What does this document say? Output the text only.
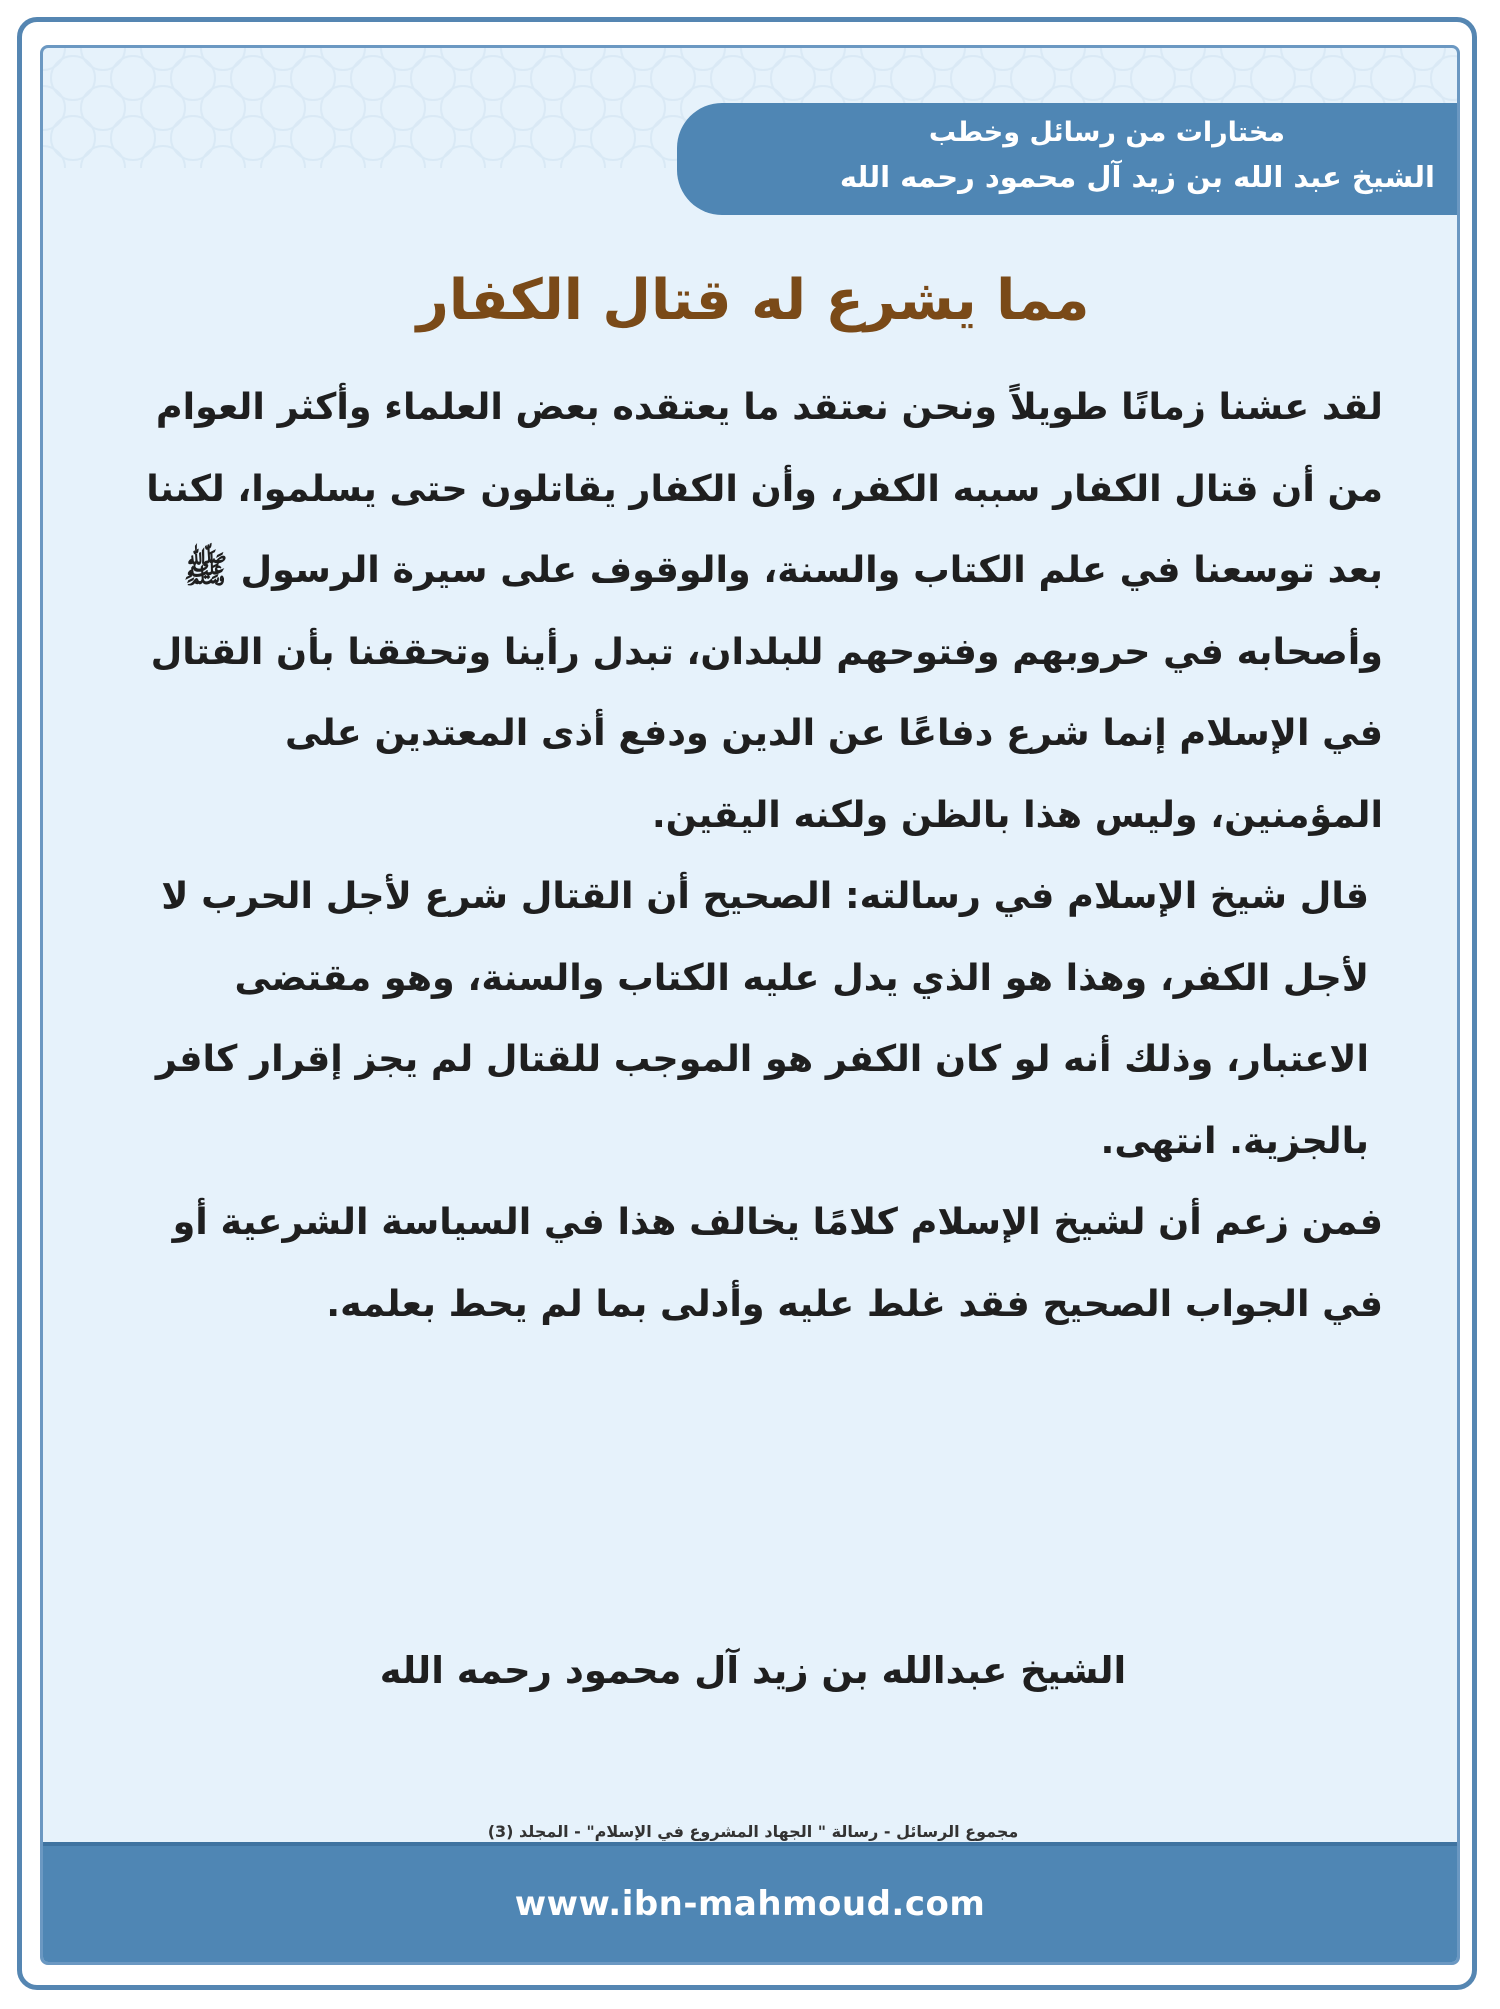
مختارات من رسائل وخطب
الشيخ عبد الله بن زيد آل محمود رحمه الله
مما يشرع له قتال الكفار

لقد عشنا زمانًا طويلاً ونحن نعتقد ما يعتقده بعض العلماء وأكثر العوام من أن قتال الكفار سببه الكفر، وأن الكفار يقاتلون حتى يسلموا، لكننا بعد توسعنا في علم الكتاب والسنة، والوقوف على سيرة الرسول ﷺ وأصحابه في حروبهم وفتوحهم للبلدان، تبدل رأينا وتحققنا بأن القتال في الإسلام إنما شرع دفاعًا عن الدين ودفع أذى المعتدين على المؤمنين، وليس هذا بالظن ولكنه اليقين.

قال شيخ الإسلام في رسالته: الصحيح أن القتال شرع لأجل الحرب لا لأجل الكفر، وهذا هو الذي يدل عليه الكتاب والسنة، وهو مقتضى الاعتبار، وذلك أنه لو كان الكفر هو الموجب للقتال لم يجز إقرار كافر بالجزية. انتهى.

فمن زعم أن لشيخ الإسلام كلامًا يخالف هذا في السياسة الشرعية أو في الجواب الصحيح فقد غلط عليه وأدلى بما لم يحط بعلمه.

الشيخ عبدالله بن زيد آل محمود رحمه الله
مجموع الرسائل - رسالة " الجهاد المشروع في الإسلام" - المجلد (3)
www.ibn-mahmoud.com
